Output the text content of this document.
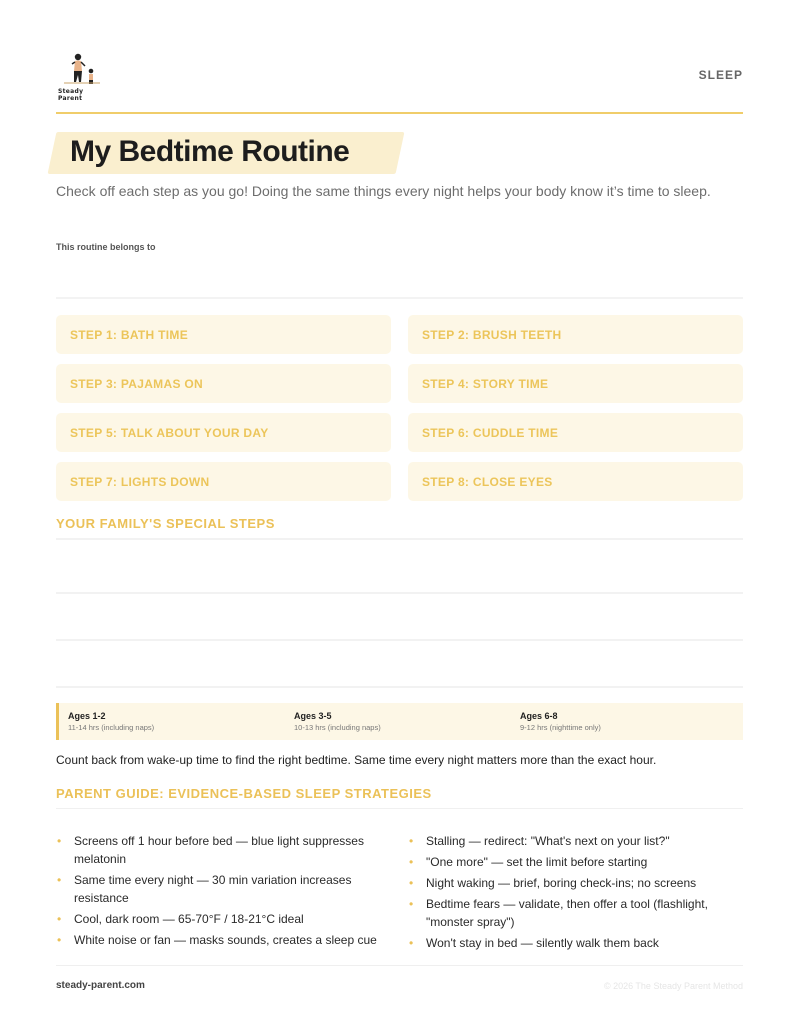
Steady Parent
SLEEP
My Bedtime Routine

Check off each step as you go! Doing the same things every night helps your body know it’s time to sleep.

This routine belongs to
STEP 1: BATH TIME	STEP 2: BRUSH TEETH
STEP 3: PAJAMAS ON	STEP 4: STORY TIME
STEP 5: TALK ABOUT YOUR DAY	STEP 6: CUDDLE TIME
STEP 7: LIGHTS DOWN	STEP 8: CLOSE EYES
YOUR FAMILY'S SPECIAL STEPS
Ages 1-2
11-14 hrs (including naps)
Ages 3-5
10-13 hrs (including naps)
Ages 6-8
9-12 hrs (nighttime only)

Count back from wake-up time to find the right bedtime. Same time every night matters more than the exact hour.

PARENT GUIDE: EVIDENCE-BASED SLEEP STRATEGIES
• Screens off 1 hour before bed — blue light suppresses melatonin
• Same time every night — 30 min variation increases resistance
• Cool, dark room — 65-70°F / 18-21°C ideal
• White noise or fan — masks sounds, creates a sleep cue
• Stalling — redirect: "What's next on your list?"
• "One more" — set the limit before starting
• Night waking — brief, boring check-ins; no screens
• Bedtime fears — validate, then offer a tool (flashlight, "monster spray")
• Won't stay in bed — silently walk them back
steady-parent.com	© 2026 The Steady Parent Method
